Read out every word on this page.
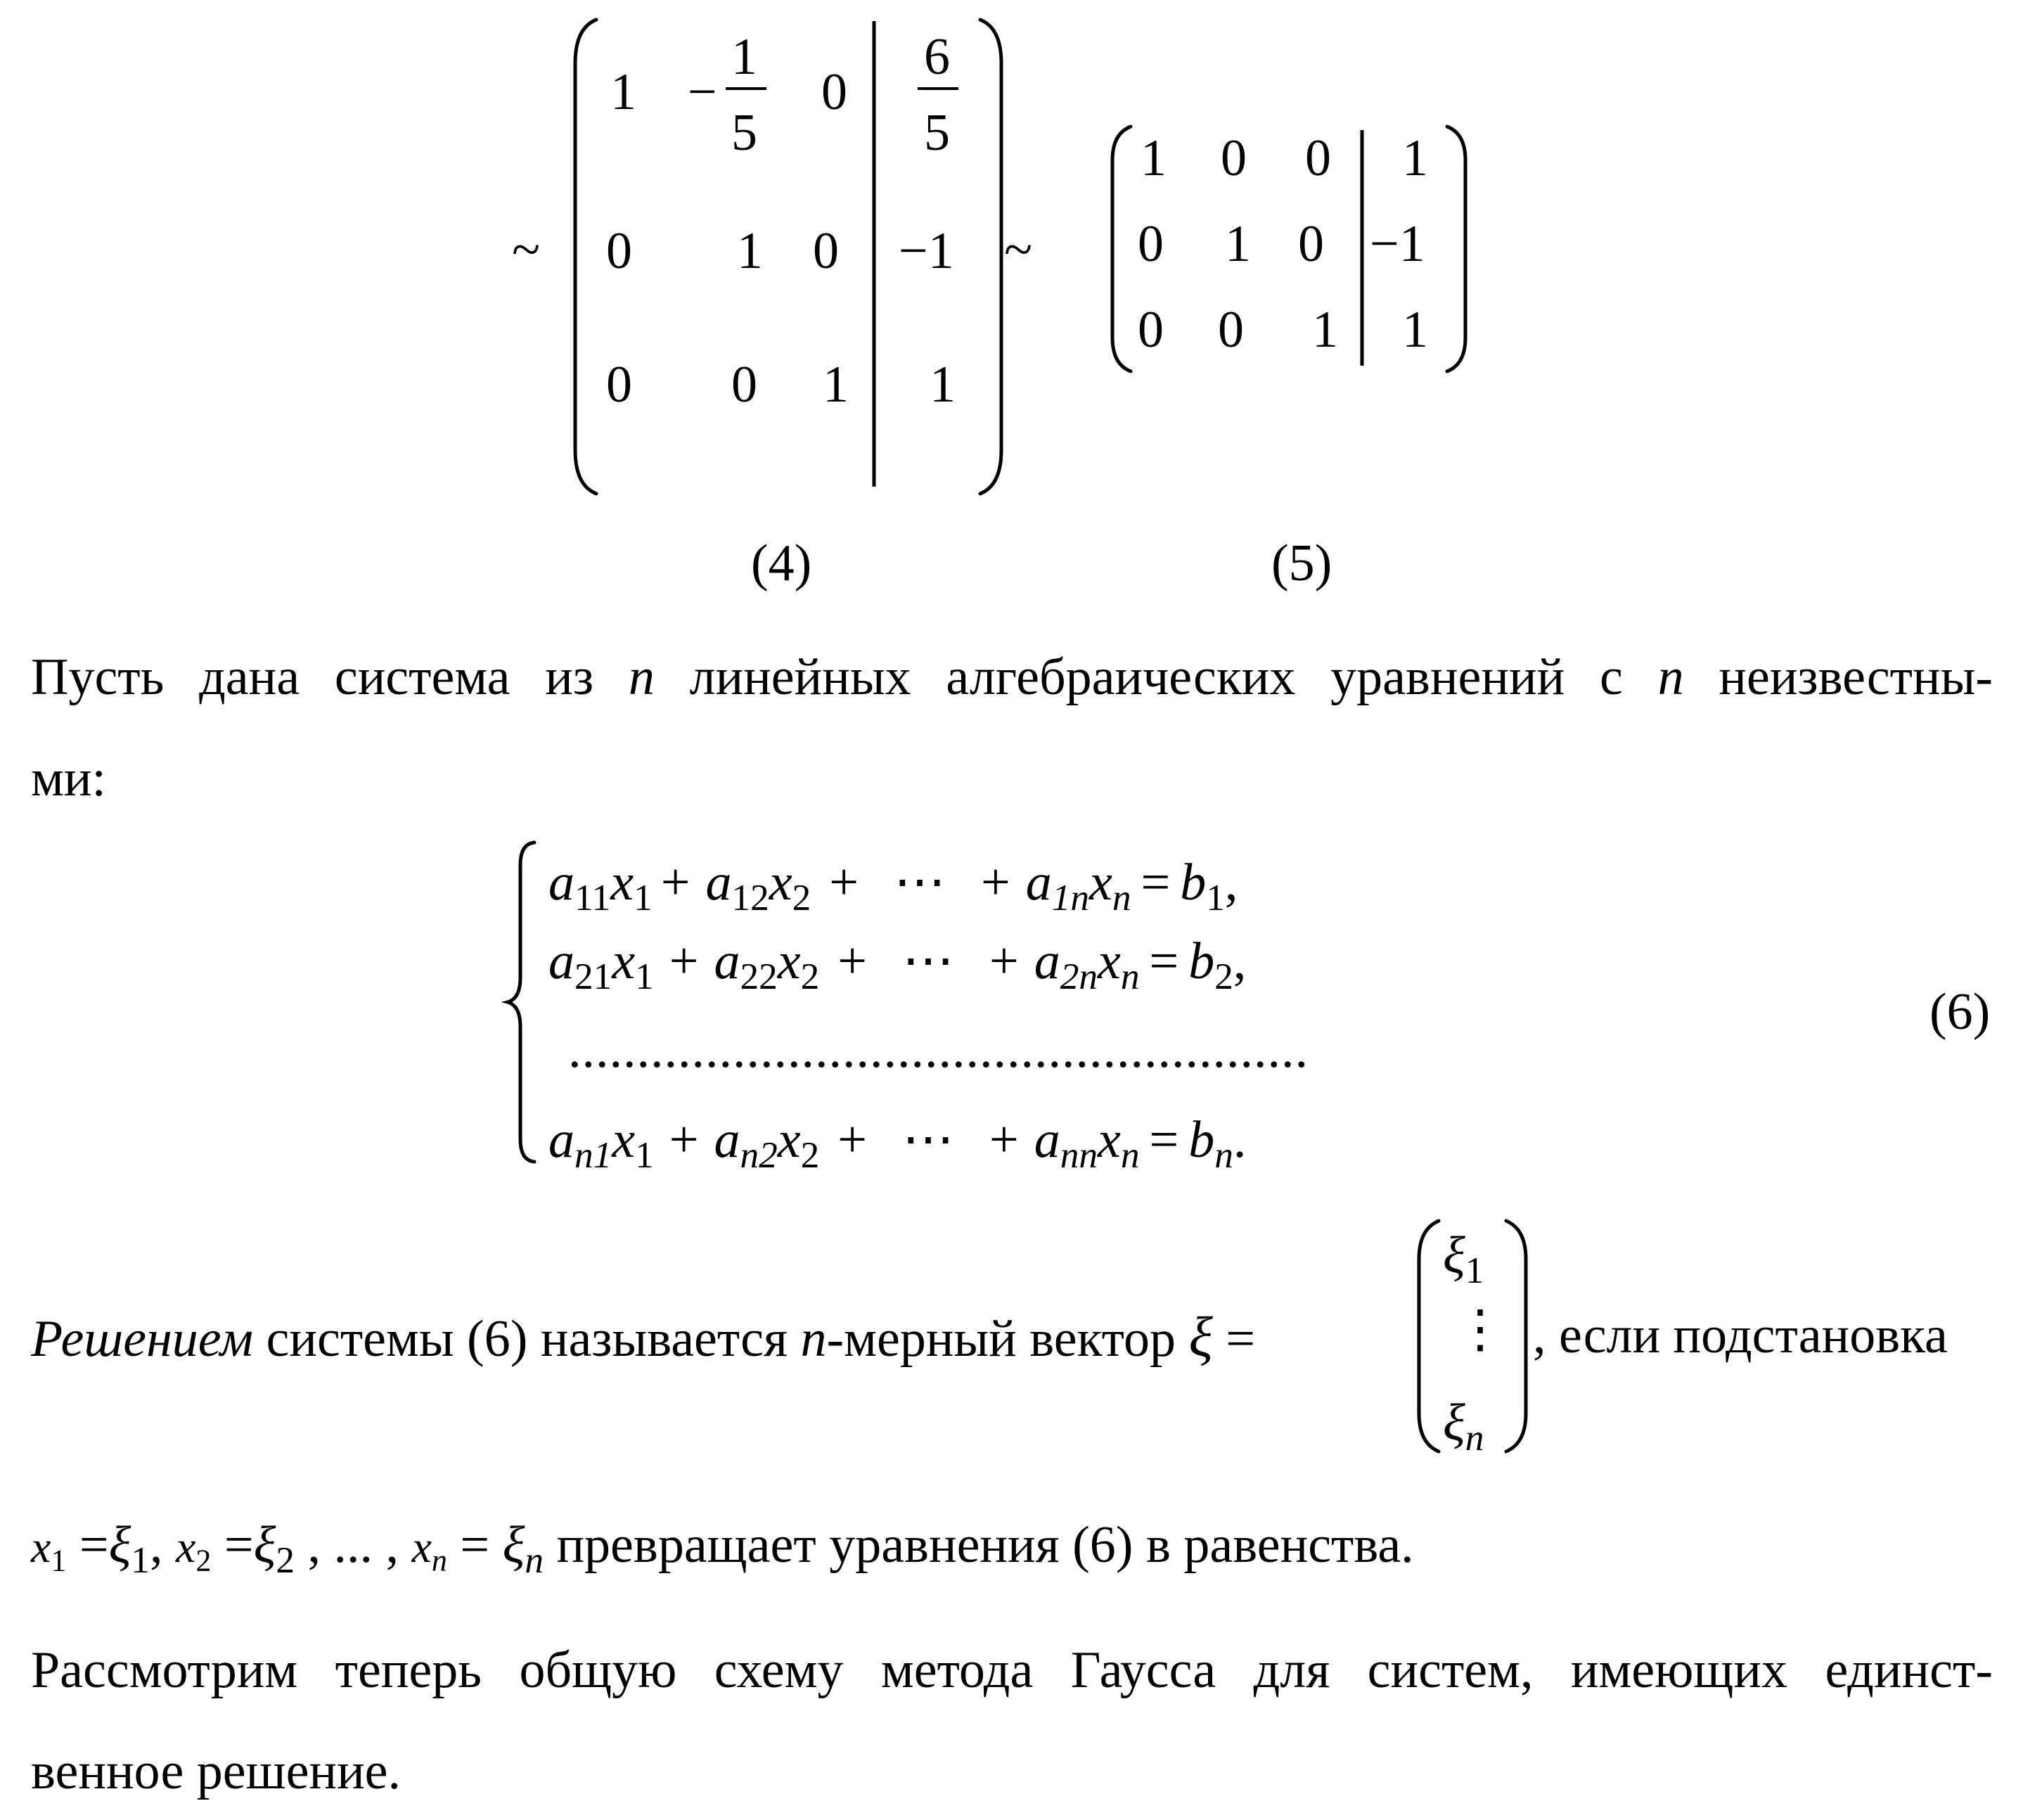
~
1 −
1
5
0
6
5
0 1 0 −1
0 0 1 1
~
(4)
1 0 0 1
0 1 0 −1
0 0 1 1
(5)
Пусть дана система из n линейных алгебраических уравнений с n неизвестны-
ми:
$a_{11}x_1 + a_{12}x_2$ + ⋯ + $a_{1n}x_n = b_1$,
$a_{21}x_1 + a_{22}x_2$ + ⋯ + $a_{2n}x_n = b_2$,
......................................................
$a_{n1}x_1 + a_{n2}x_2$ + ⋯ + $a_{nn}x_n = b_n$.
(6)
Решением системы (6) называется n-мерный вектор ξ =
$\xi_1$
⋮
$\xi_n$
, если подстановка
$x_1 =\xi_1$, $x_2 =\xi_2$ , ... , $x_n = \xi_n$ превращает уравнения (6) в равенства.
Рассмотрим теперь общую схему метода Гаусса для систем, имеющих единст-
венное решение.
